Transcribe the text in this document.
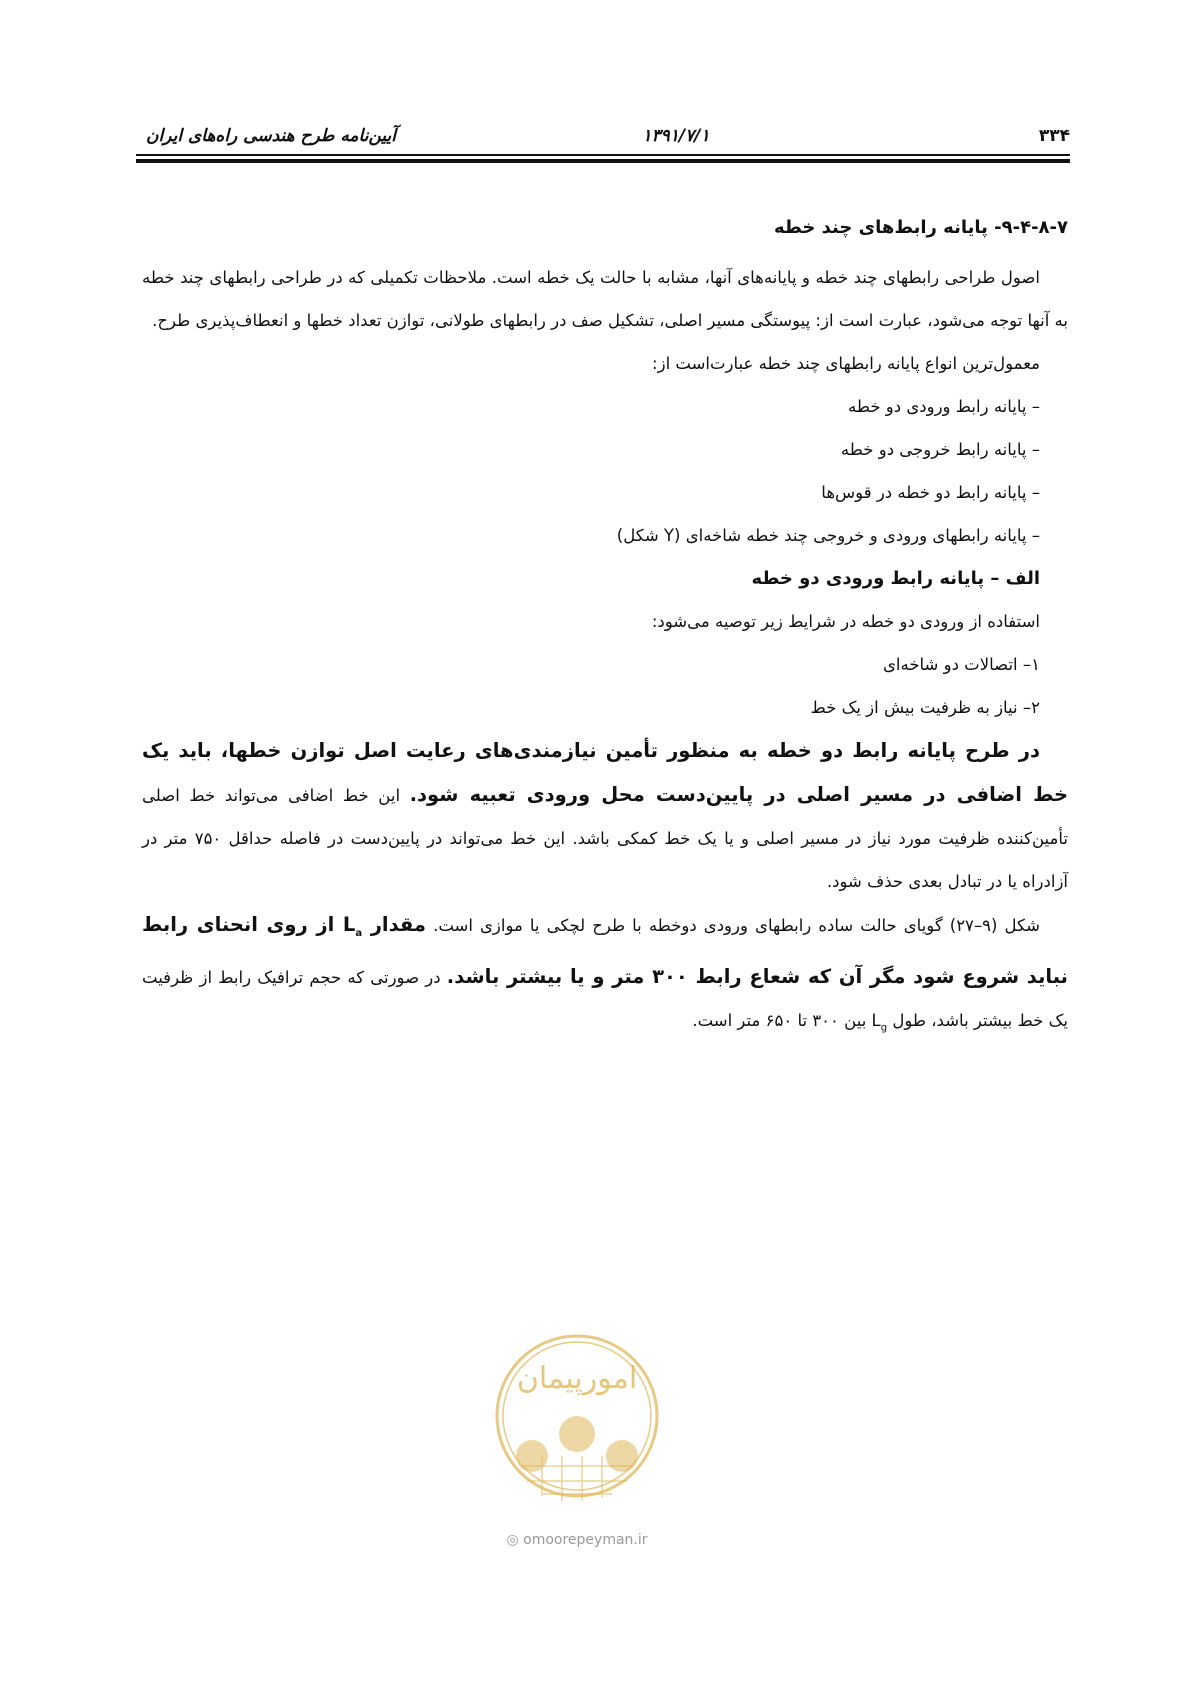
آیین‌نامه طرح هندسی راه‌های ایران	۱۳۹۱/۷/۱	۳۳۴
۹-۴-۸-۷- پایانه رابط‌های چند خطه

اصول طراحی رابطهای چند خطه و پایانه‌های آنها، مشابه با حالت یک خطه است. ملاحظات تکمیلی که در طراحی رابطهای چند خطه به آنها توجه می‌شود، عبارت است از: پیوستگی مسیر اصلی، تشکیل صف در رابطهای طولانی، توازن تعداد خطها و انعطاف‌پذیری طرح.

معمول‌ترین انواع پایانه رابطهای چند خطه عبارت‌است از:

– پایانه رابط ورودی دو خطه

– پایانه رابط خروجی دو خطه

– پایانه رابط دو خطه در قوس‌ها

– پایانه رابطهای ورودی و خروجی چند خطه شاخه‌ای (Y شکل)

الف – پایانه رابط ورودی دو خطه

استفاده از ورودی دو خطه در شرایط زیر توصیه می‌شود:

۱– اتصالات دو شاخه‌ای

۲– نیاز به ظرفیت بیش از یک خط

در طرح پایانه رابط دو خطه به منظور تأمین نیازمندی‌های رعایت اصل توازن خطها، باید یک خط اضافی در مسیر اصلی در پایین‌دست محل ورودی تعبیه شود. این خط اضافی می‌تواند خط اصلی تأمین‌کننده ظرفیت مورد نیاز در مسیر اصلی و یا یک خط کمکی باشد. این خط می‌تواند در پایین‌دست در فاصله حداقل ۷۵۰ متر در آزادراه یا در تبادل بعدی حذف شود.

شکل (۹–۲۷) گویای حالت ساده رابطهای ورودی دوخطه با طرح لچکی یا موازی است. مقدار $L_a$ از روی انحنای رابط نباید شروع شود مگر آن که شعاع رابط ۳۰۰ متر و یا بیشتر باشد. در صورتی که حجم ترافیک رابط از ظرفیت یک خط بیشتر باشد، طول $L_g$ بین ۳۰۰ تا ۶۵۰ متر است.

امورپیمان
◎ omoorepeyman.ir
